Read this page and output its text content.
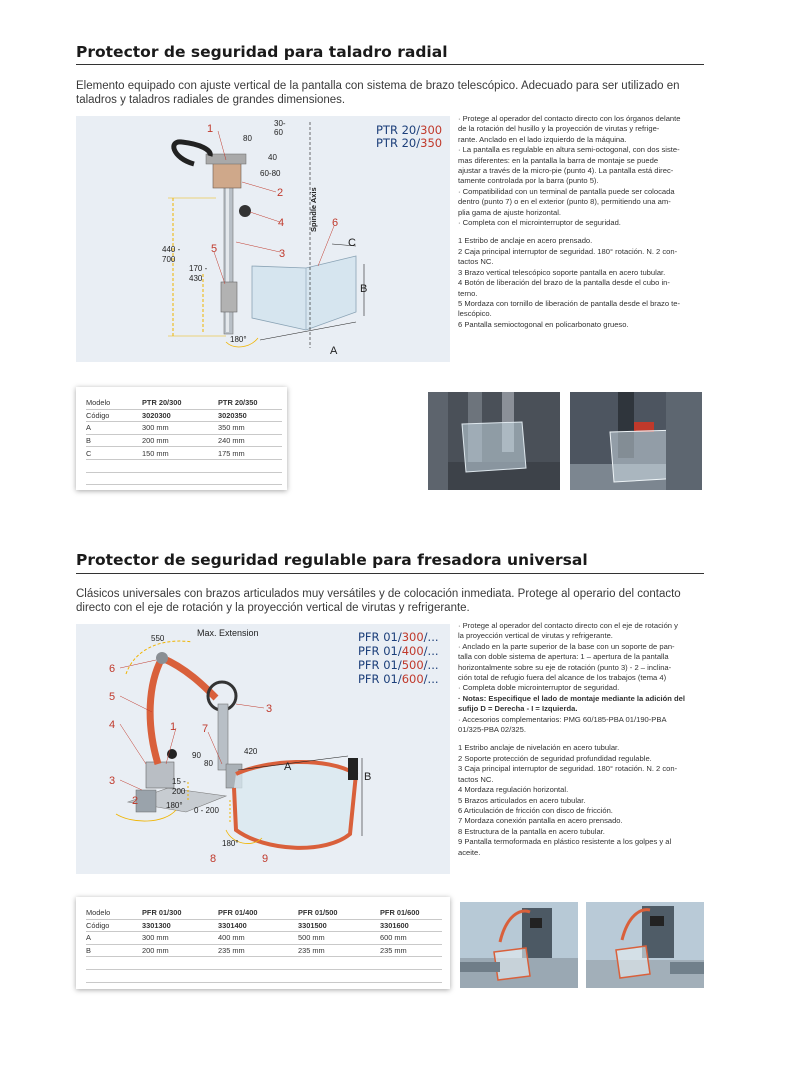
Protector de seguridad para taladro radial
Elemento equipado con ajuste vertical de la pantalla con sistema de brazo telescópico. Adecuado para ser utilizado en taladros y taladros radiales de grandes dimensiones.
1
2
3
4
5
6
A
B
C
80
30-
60
40
60-80
440 -
700
170 -
430
180°
Spindle Axis
PTR 20/300
PTR 20/350

· Protege al operador del contacto directo con los órganos delante

de la rotación del husillo y la proyección de virutas y refrige-

rante. Anclado en el lado izquierdo de la máquina.

· La pantalla es regulable en altura semi-octogonal, con dos siste-

mas diferentes: en la pantalla la barra de montaje se puede

ajustar a través de la micro-pie (punto 4). La pantalla está direc-

tamente controlada por la barra (punto 5).

· Compatibilidad con un terminal de pantalla puede ser colocada

dentro (punto 7) o en el exterior (punto 8), permitiendo una am-

plia gama de ajuste horizontal.

· Completa con el microinterruptor de seguridad.

1 Estribo de anclaje en acero prensado.

2 Caja principal interruptor de seguridad. 180° rotación. N. 2 con-

tactos NC.

3 Brazo vertical telescópico soporte pantalla en acero tubular.

4 Botón de liberación del brazo de la pantalla desde el cubo in-

terno.

5 Mordaza con tornillo de liberación de pantalla desde el brazo te-

lescópico.

6 Pantalla semioctogonal en policarbonato grueso.

Modelo	PTR 20/300	PTR 20/350
Código	3020300	3020350
A	300 mm	350 mm
B	200 mm	240 mm
C	150 mm	175 mm

Protector de seguridad regulable para fresadora universal
Clásicos universales con brazos articulados muy versátiles y de colocación inmediata. Protege al operario del contacto directo con el eje de rotación y la proyección vertical de virutas y refrigerante.
1
2
3
4
5
6
7
8	9
3
A
B
550
90
80
420
15 -
200
0 - 200
180°
180°
Max. Extension	PFR 01/300/...
PFR 01/400/...
PFR 01/500/...
PFR 01/600/...

· Protege al operador del contacto directo con el eje de rotación y

la proyección vertical de virutas y refrigerante.

· Anclado en la parte superior de la base con un soporte de pan-

talla con doble sistema de apertura: 1 – apertura de la pantalla

horizontalmente sobre su eje de rotación (punto 3) - 2 – inclina-

ción total de refugio fuera del alcance de los trabajos (tema 4)

· Completa doble microinterruptor de seguridad.

· Notas: Especifique el lado de montaje mediante la adición del

sufijo D = Derecha - I = Izquierda.

· Accesorios complementarios: PMG 60/185-PBA 01/190-PBA

01/325-PBA 02/325.

1 Estribo anclaje de nivelación en acero tubular.

2 Soporte protección de seguridad profundidad regulable.

3 Caja principal interruptor de seguridad. 180° rotación. N. 2 con-

tactos NC.

4 Mordaza regulación horizontal.

5 Brazos articulados en acero tubular.

6 Articulación de fricción con disco de fricción.

7 Mordaza conexión pantalla en acero prensado.

8 Estructura de la pantalla en acero tubular.

9 Pantalla termoformada en plástico resistente a los golpes y al

aceite.

Modelo	PFR 01/300	PFR 01/400	PFR 01/500	PFR 01/600
Código	3301300	3301400	3301500	3301600
A	300 mm	400 mm	500 mm	600 mm
B	200 mm	235 mm	235 mm	235 mm
